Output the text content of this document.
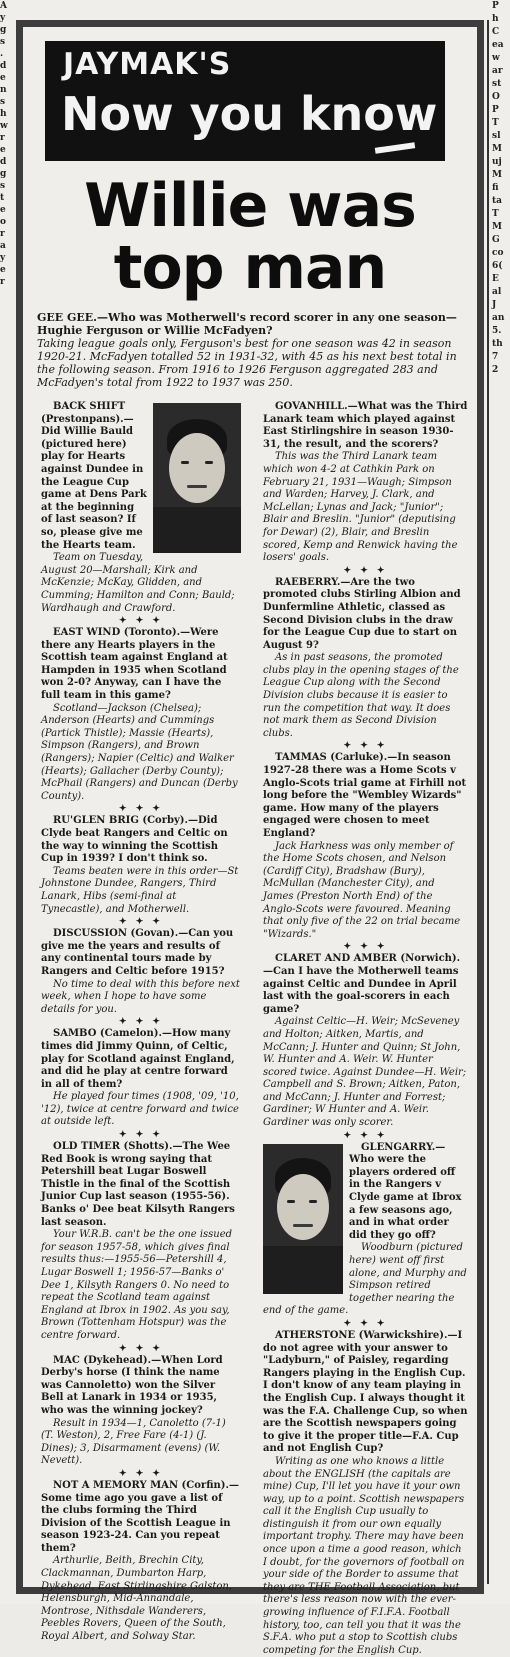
A
y
g
s
.
d
e
n
s
h
w
r
e
d
g
s
t
e
o
r
a
y
e
r
P
h
C
ea
w
ar
st
O
P
T
sl
M
uj
M
fi
ta
T
M
G
co
6(
E
al
J
an
5.
th
7
2
JAYMAK'S
Now you know
Willie was
top man

GEE GEE.—Who was Motherwell's record scorer in any one season—Hughie Ferguson or Willie McFadyen?

Taking league goals only, Ferguson's best for one season was 42 in season 1920-21. McFadyen totalled 52 in 1931-32, with 45 as his next best total in the following season. From 1916 to 1926 Ferguson aggregated 283 and McFadyen's total from 1922 to 1937 was 250.

BACK SHIFT (Prestonpans).—Did Willie Bauld (pictured here) play for Hearts against Dundee in the League Cup game at Dens Park at the beginning of last season? If so, please give me the Hearts team.

Team on Tuesday, August 20—Marshall; Kirk and McKenzie; McKay, Glidden, and Cumming; Hamilton and Conn; Bauld; Wardhaugh and Crawford.

✦ ✦ ✦

EAST WIND (Toronto).—Were there any Hearts players in the Scottish team against England at Hampden in 1935 when Scotland won 2-0? Anyway, can I have the full team in this game?

Scotland—Jackson (Chelsea); Anderson (Hearts) and Cummings (Partick Thistle); Massie (Hearts), Simpson (Rangers), and Brown (Rangers); Napier (Celtic) and Walker (Hearts); Gallacher (Derby County); McPhail (Rangers) and Duncan (Derby County).

✦ ✦ ✦

RU'GLEN BRIG (Corby).—Did Clyde beat Rangers and Celtic on the way to winning the Scottish Cup in 1939? I don't think so.

Teams beaten were in this order—St Johnstone Dundee, Rangers, Third Lanark, Hibs (semi-final at Tynecastle), and Motherwell.

✦ ✦ ✦

DISCUSSION (Govan).—Can you give me the years and results of any continental tours made by Rangers and Celtic before 1915?

No time to deal with this before next week, when I hope to have some details for you.

✦ ✦ ✦

SAMBO (Camelon).—How many times did Jimmy Quinn, of Celtic, play for Scotland against England, and did he play at centre forward in all of them?

He played four times (1908, '09, '10, '12), twice at centre forward and twice at outside left.

✦ ✦ ✦

OLD TIMER (Shotts).—The Wee Red Book is wrong saying that Petershill beat Lugar Boswell Thistle in the final of the Scottish Junior Cup last season (1955-56). Banks o' Dee beat Kilsyth Rangers last season.

Your W.R.B. can't be the one issued for season 1957-58, which gives final results thus:—1955-56—Petershill 4, Lugar Boswell 1; 1956-57—Banks o' Dee 1, Kilsyth Rangers 0. No need to repeat the Scotland team against England at Ibrox in 1902. As you say, Brown (Tottenham Hotspur) was the centre forward.

✦ ✦ ✦

MAC (Dykehead).—When Lord Derby's horse (I think the name was Cannoletto) won the Silver Bell at Lanark in 1934 or 1935, who was the winning jockey?

Result in 1934—1, Canoletto (7-1) (T. Weston), 2, Free Fare (4-1) (J. Dines); 3, Disarmament (evens) (W. Nevett).

✦ ✦ ✦

NOT A MEMORY MAN (Corfin).—Some time ago you gave a list of the clubs forming the Third Division of the Scottish League in season 1923-24. Can you repeat them?

Arthurlie, Beith, Brechin City, Clackmannan, Dumbarton Harp, Dykehead, East Stirlingshire Galston, Helensburgh, Mid-Annandale, Montrose, Nithsdale Wanderers, Peebles Rovers, Queen of the South, Royal Albert, and Solway Star.

GOVANHILL.—What was the Third Lanark team which played against East Stirlingshire in season 1930-31, the result, and the scorers?

This was the Third Lanark team which won 4-2 at Cathkin Park on February 21, 1931—Waugh; Simpson and Warden; Harvey, J. Clark, and McLellan; Lynas and Jack; "Junior"; Blair and Breslin. "Junior" (deputising for Dewar) (2), Blair, and Breslin scored, Kemp and Renwick having the losers' goals.

✦ ✦ ✦

RAEBERRY.—Are the two promoted clubs Stirling Albion and Dunfermline Athletic, classed as Second Division clubs in the draw for the League Cup due to start on August 9?

As in past seasons, the promoted clubs play in the opening stages of the League Cup along with the Second Division clubs because it is easier to run the competition that way. It does not mark them as Second Division clubs.

✦ ✦ ✦

TAMMAS (Carluke).—In season 1927-28 there was a Home Scots v Anglo-Scots trial game at Firhill not long before the "Wembley Wizards" game. How many of the players engaged were chosen to meet England?

Jack Harkness was only member of the Home Scots chosen, and Nelson (Cardiff City), Bradshaw (Bury), McMullan (Manchester City), and James (Preston North End) of the Anglo-Scots were favoured. Meaning that only five of the 22 on trial became "Wizards."

✦ ✦ ✦

CLARET AND AMBER (Norwich).—Can I have the Motherwell teams against Celtic and Dundee in April last with the goal-scorers in each game?

Against Celtic—H. Weir; McSeveney and Holton; Aitken, Martis, and McCann; J. Hunter and Quinn; St John, W. Hunter and A. Weir. W. Hunter scored twice. Against Dundee—H. Weir; Campbell and S. Brown; Aitken, Paton, and McCann; J. Hunter and Forrest; Gardiner; W Hunter and A. Weir. Gardiner was only scorer.

✦ ✦ ✦

GLENGARRY.—Who were the players ordered off in the Rangers v Clyde game at Ibrox a few seasons ago, and in what order did they go off?

Woodburn (pictured here) went off first alone, and Murphy and Simpson retired together nearing the end of the game.

✦ ✦ ✦

ATHERSTONE (Warwickshire).—I do not agree with your answer to "Ladyburn," of Paisley, regarding Rangers playing in the English Cup. I don't know of any team playing in the English Cup. I always thought it was the F.A. Challenge Cup, so when are the Scottish newspapers going to give it the proper title—F.A. Cup and not English Cup?

Writing as one who knows a little about the ENGLISH (the capitals are mine) Cup, I'll let you have it your own way, up to a point. Scottish newspapers call it the English Cup usually to distinguish it from our own equally important trophy. There may have been once upon a time a good reason, which I doubt, for the governors of football on your side of the Border to assume that they are THE Football Association, but there's less reason now with the ever-growing influence of F.I.F.A. Football history, too, can tell you that it was the S.F.A. who put a stop to Scottish clubs competing for the English Cup.
